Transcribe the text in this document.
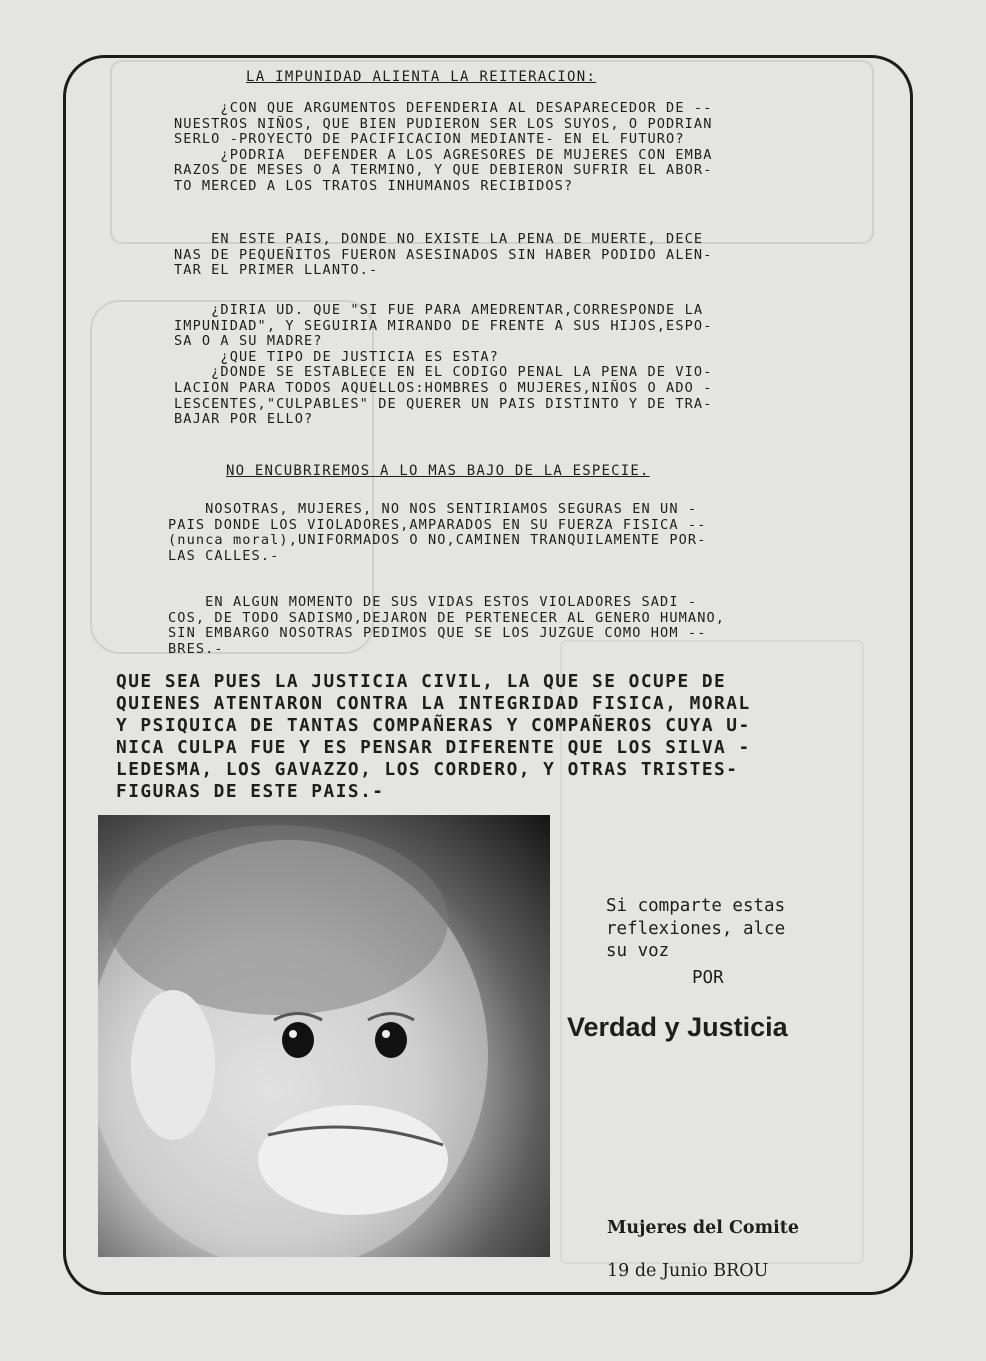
LA IMPUNIDAD ALIENTA LA REITERACION:
¿CON QUE ARGUMENTOS DEFENDERIA AL DESAPARECEDOR DE --
NUESTROS NIÑOS, QUE BIEN PUDIERON SER LOS SUYOS, O PODRIAN
SERLO -PROYECTO DE PACIFICACION MEDIANTE- EN EL FUTURO?
¿PODRIA  DEFENDER A LOS AGRESORES DE MUJERES CON EMBA
RAZOS DE MESES O A TERMINO, Y QUE DEBIERON SUFRIR EL ABOR-
TO MERCED A LOS TRATOS INHUMANOS RECIBIDOS?
EN ESTE PAIS, DONDE NO EXISTE LA PENA DE MUERTE, DECE
NAS DE PEQUEÑITOS FUERON ASESINADOS SIN HABER PODIDO ALEN-
TAR EL PRIMER LLANTO.-
¿DIRIA UD. QUE "SI FUE PARA AMEDRENTAR,CORRESPONDE LA
IMPUNIDAD", Y SEGUIRIA MIRANDO DE FRENTE A SUS HIJOS,ESPO-
SA O A SU MADRE?
¿QUE TIPO DE JUSTICIA ES ESTA?
¿DONDE SE ESTABLECE EN EL CODIGO PENAL LA PENA DE VIO-
LACION PARA TODOS AQUELLOS:HOMBRES O MUJERES,NIÑOS O ADO -
LESCENTES,"CULPABLES" DE QUERER UN PAIS DISTINTO Y DE TRA-
BAJAR POR ELLO?
NO ENCUBRIREMOS A LO MAS BAJO DE LA ESPECIE.
NOSOTRAS, MUJERES, NO NOS SENTIRIAMOS SEGURAS EN UN -
PAIS DONDE LOS VIOLADORES,AMPARADOS EN SU FUERZA FISICA --
(nunca moral),UNIFORMADOS O NO,CAMINEN TRANQUILAMENTE POR-
LAS CALLES.-
EN ALGUN MOMENTO DE SUS VIDAS ESTOS VIOLADORES SADI -
COS, DE TODO SADISMO,DEJARON DE PERTENECER AL GENERO HUMANO,
SIN EMBARGO NOSOTRAS PEDIMOS QUE SE LOS JUZGUE COMO HOM --
BRES.-
QUE SEA PUES LA JUSTICIA CIVIL, LA QUE SE OCUPE DE
QUIENES ATENTARON CONTRA LA INTEGRIDAD FISICA, MORAL
Y PSIQUICA DE TANTAS COMPAÑERAS Y COMPAÑEROS CUYA U-
NICA CULPA FUE Y ES PENSAR DIFERENTE QUE LOS SILVA -
LEDESMA, LOS GAVAZZO, LOS CORDERO, Y OTRAS TRISTES-
FIGURAS DE ESTE PAIS.-
Si comparte estas
reflexiones, alce
su voz
POR
Verdad y Justicia
Mujeres del Comite
19 de Junio BROU
